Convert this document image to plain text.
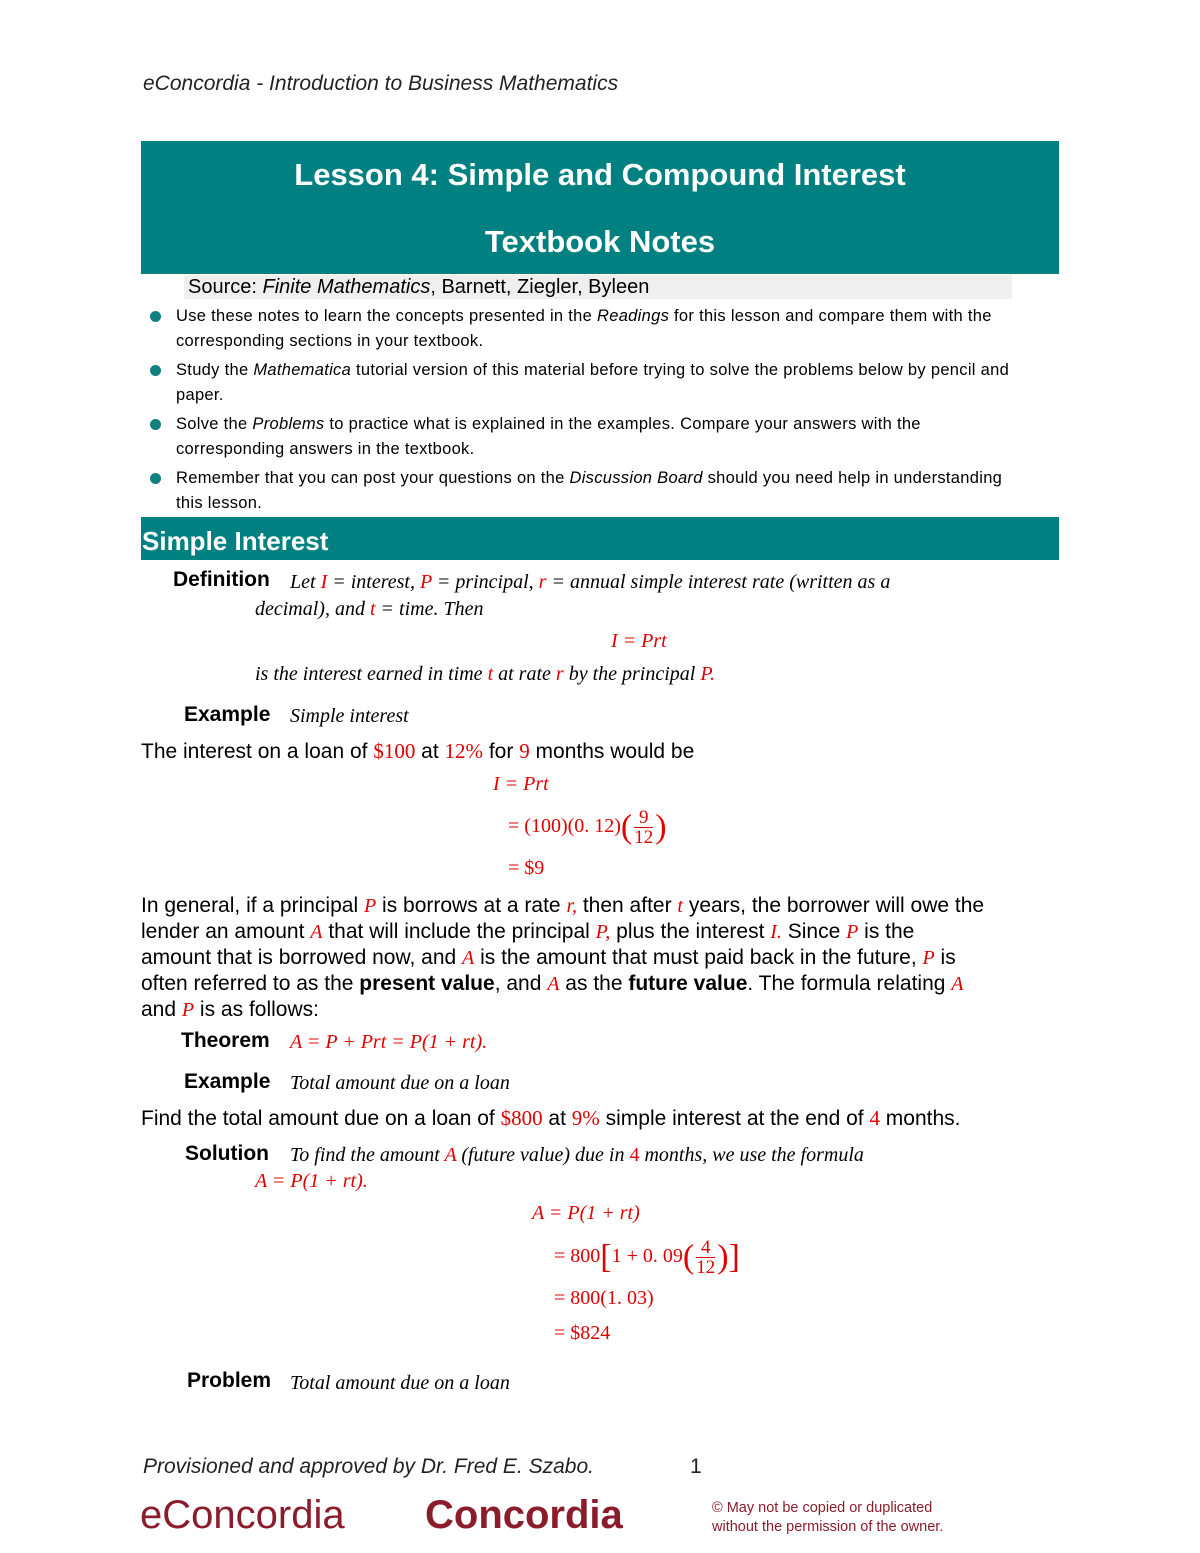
eConcordia - Introduction to Business Mathematics
Lesson 4: Simple and Compound Interest
Textbook Notes
Source: Finite Mathematics, Barnett, Ziegler, Byleen
Use these notes to learn the concepts presented in the Readings for this lesson and compare them with the corresponding sections in your textbook.
Study the Mathematica tutorial version of this material before trying to solve the problems below by pencil and paper.
Solve the Problems to practice what is explained in the examples. Compare your answers with the corresponding answers in the textbook.
Remember that you can post your questions on the Discussion Board should you need help in understanding this lesson.
Simple Interest
Definition Let I = interest, P = principal, r = annual simple interest rate (written as a
decimal), and t = time. Then
I = Prt
is the interest earned in time t at rate r by the principal P.
Example Simple interest
The interest on a loan of $100 at 12% for 9 months would be
I = Prt
= (100)(0. $12)( \frac{9}{12}$ )
= $9
In general, if a principal P is borrows at a rate r, then after t years, the borrower will owe the
lender an amount A that will include the principal P, plus the interest I. Since P is the
amount that is borrowed now, and A is the amount that must paid back in the future, P is
often referred to as the present value, and A as the future value. The formula relating A
and P is as follows:
Theorem A = P + Prt = P(1 + rt).
Example Total amount due on a loan
Find the total amount due on a loan of $800 at 9% simple interest at the end of 4 months.
Solution To find the amount A (future value) due in 4 months, we use the formula
A = P(1 + rt).
A = P(1 + rt)
= 800[1 + 0. $09( \frac{4}{12}$ )]
= 800(1. 03)
= $824
Problem Total amount due on a loan
Provisioned and approved by Dr. Fred E. Szabo.	1
eConcordia Concordia	© May not be copied or duplicated
without the permission of the owner.
